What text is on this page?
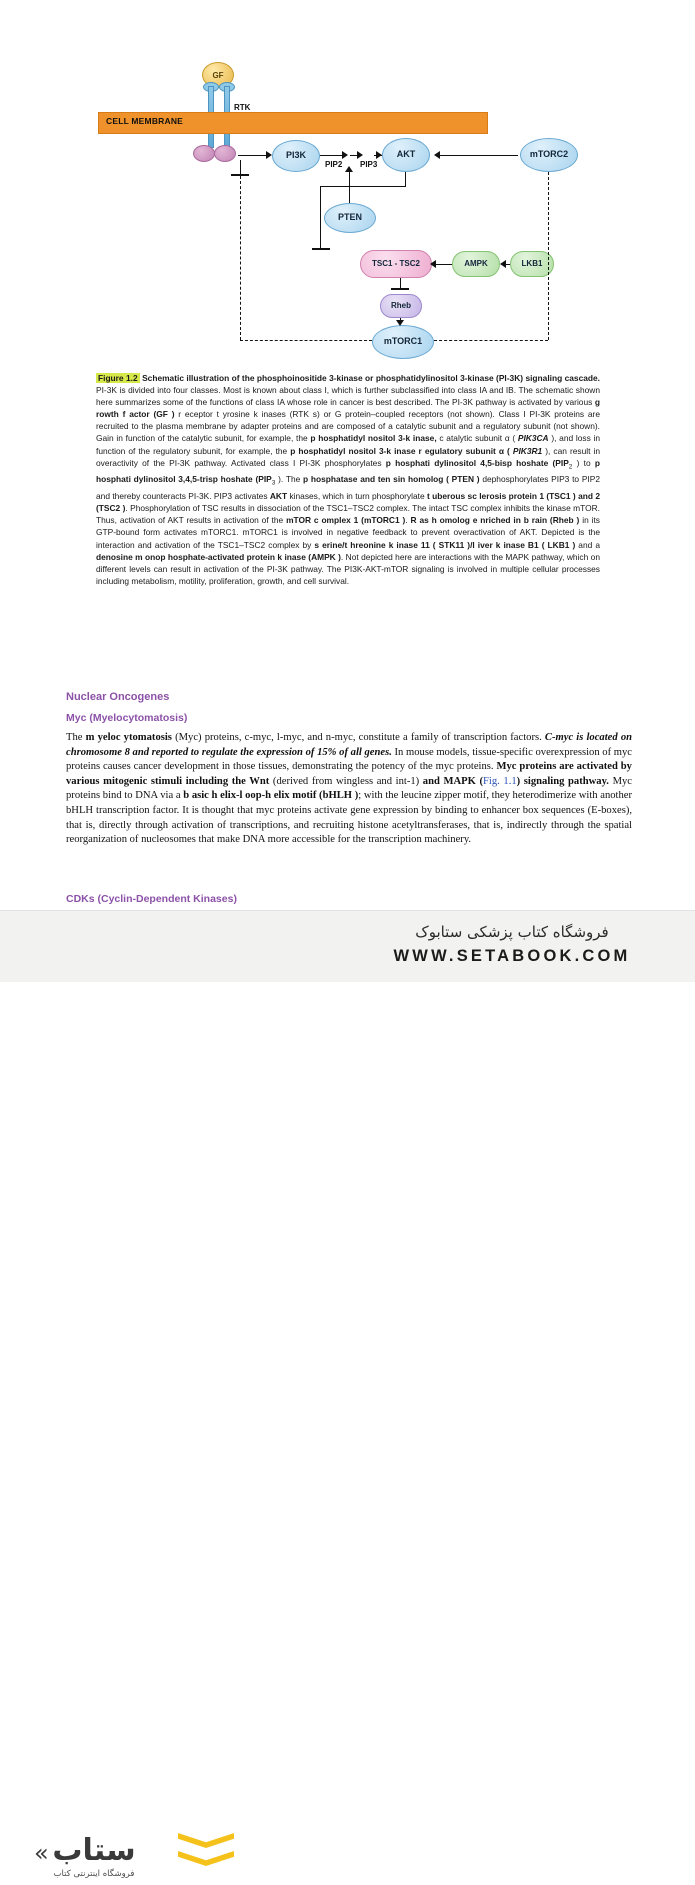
GF
RTK
CELL MEMBRANE
PI3K	AKT	mTORC2
PTEN
TSC1 - TSC2	AMPK	LKB1
Rheb
mTORC1
PIP2 PIP3
Figure 1.2 Schematic illustration of the phosphoinositide 3-kinase or phosphatidylinositol 3-kinase (PI-3K) signaling cascade. PI-3K is divided into four classes. Most is known about class I, which is further subclassified into class IA and IB. The schematic shown here summarizes some of the functions of class IA whose role in cancer is best described. The PI-3K pathway is activated by various g rowth f actor (GF ) r eceptor t yrosine k inases (RTK s) or G protein–coupled receptors (not shown). Class I PI-3K proteins are recruited to the plasma membrane by adapter proteins and are composed of a catalytic subunit and a regulatory subunit (not shown). Gain in function of the catalytic subunit, for example, the p hosphatidyl nositol 3-k inase, c atalytic subunit α ( PIK3CA ), and loss in function of the regulatory subunit, for example, the p hosphatidyl nositol 3-k inase r egulatory subunit α ( PIK3R1 ), can result in overactivity of the PI-3K pathway. Activated class I PI-3K phosphorylates p hosphati dylinositol 4,5-bisp hoshate ($PIP_2$ ) to p hosphati dylinositol 3,4,5-trisp hoshate ($PIP_3$ ). The p hosphatase and ten sin homolog ( PTEN ) dephosphorylates PIP3 to PIP2 and thereby counteracts PI-3K. PIP3 activates AKT kinases, which in turn phosphorylate t uberous sc lerosis protein 1 (TSC1 ) and 2 (TSC2 ). Phosphorylation of TSC results in dissociation of the TSC1–TSC2 complex. The intact TSC complex inhibits the kinase mTOR. Thus, activation of AKT results in activation of the mTOR c omplex 1 (mTORC1 ). R as h omolog e nriched in b rain (Rheb ) in its GTP-bound form activates mTORC1. mTORC1 is involved in negative feedback to prevent overactivation of AKT. Depicted is the interaction and activation of the TSC1–TSC2 complex by s erine/t hreonine k inase 11 ( STK11 )/l iver k inase B1 ( LKB1 ) and a denosine m onop hosphate-activated protein k inase (AMPK ). Not depicted here are interactions with the MAPK pathway, which on different levels can result in activation of the PI-3K pathway. The PI3K-AKT-mTOR signaling is involved in multiple cellular processes including metabolism, motility, proliferation, growth, and cell survival.
Nuclear Oncogenes
Myc (Myelocytomatosis)
The m yeloc ytomatosis (Myc) proteins, c-myc, l-myc, and n-myc, constitute a family of transcription factors. C-myc is located on chromosome 8 and reported to regulate the expression of 15% of all genes. In mouse models, tissue-specific overexpression of myc proteins causes cancer development in those tissues, demonstrating the potency of the myc proteins. Myc proteins are activated by various mitogenic stimuli including the Wnt (derived from wingless and int-1) and MAPK (Fig. 1.1) signaling pathway. Myc proteins bind to DNA via a b asic h elix-l oop-h elix motif (bHLH ); with the leucine zipper motif, they heterodimerize with another bHLH transcription factor. It is thought that myc proteins activate gene expression by binding to enhancer box sequences (E-boxes), that is, directly through activation of transcriptions, and recruiting histone acetyltransferases, that is, indirectly through the spatial reorganization of nucleosomes that make DNA more accessible for the transcription machinery.
CDKs (Cyclin-Dependent Kinases)
« ستاب
فروشگاه اینترنتی کتاب
فروشگاه کتاب پزشکی ستابوک
WWW.SETABOOK.COM
